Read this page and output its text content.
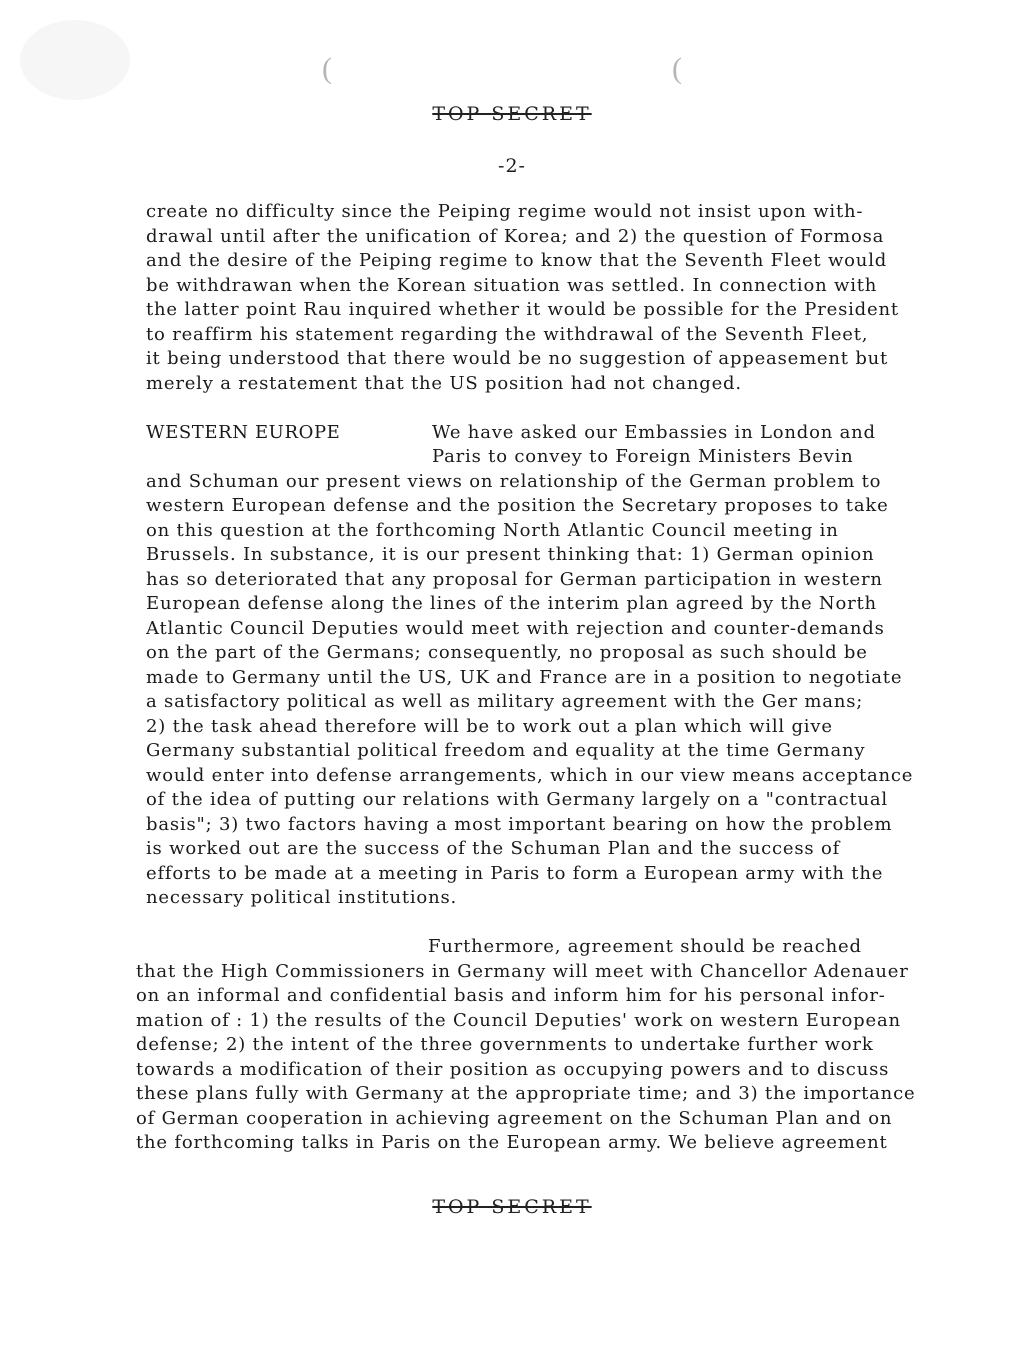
(	(
TOP SECRET
-2-
create no difficulty since the Peiping regime would not insist upon with-
drawal until after the unification of Korea; and 2) the question of Formosa
and the desire of the Peiping regime to know that the Seventh Fleet would
be withdrawan when the Korean situation was settled. In connection with
the latter point Rau inquired whether it would be possible for the President
to reaffirm his statement regarding the withdrawal of the Seventh Fleet,
it being understood that there would be no suggestion of appeasement but
merely a restatement that the US position had not changed.
WESTERN EUROPE	We have asked our Embassies in London and
Paris to convey to Foreign Ministers Bevin
and Schuman our present views on relationship of the German problem to
western European defense and the position the Secretary proposes to take
on this question at the forthcoming North Atlantic Council meeting in
Brussels. In substance, it is our present thinking that: 1) German opinion
has so deteriorated that any proposal for German participation in western
European defense along the lines of the interim plan agreed by the North
Atlantic Council Deputies would meet with rejection and counter-demands
on the part of the Germans; consequently, no proposal as such should be
made to Germany until the US, UK and France are in a position to negotiate
a satisfactory political as well as military agreement with the Ger mans;
2) the task ahead therefore will be to work out a plan which will give
Germany substantial political freedom and equality at the time Germany
would enter into defense arrangements, which in our view means acceptance
of the idea of putting our relations with Germany largely on a "contractual
basis"; 3) two factors having a most important bearing on how the problem
is worked out are the success of the Schuman Plan and the success of
efforts to be made at a meeting in Paris to form a European army with the
necessary political institutions.
Furthermore, agreement should be reached
that the High Commissioners in Germany will meet with Chancellor Adenauer
on an informal and confidential basis and inform him for his personal infor-
mation of : 1) the results of the Council Deputies' work on western European
defense; 2) the intent of the three governments to undertake further work
towards a modification of their position as occupying powers and to discuss
these plans fully with Germany at the appropriate time; and 3) the importance
of German cooperation in achieving agreement on the Schuman Plan and on
the forthcoming talks in Paris on the European army. We believe agreement
TOP SECRET
